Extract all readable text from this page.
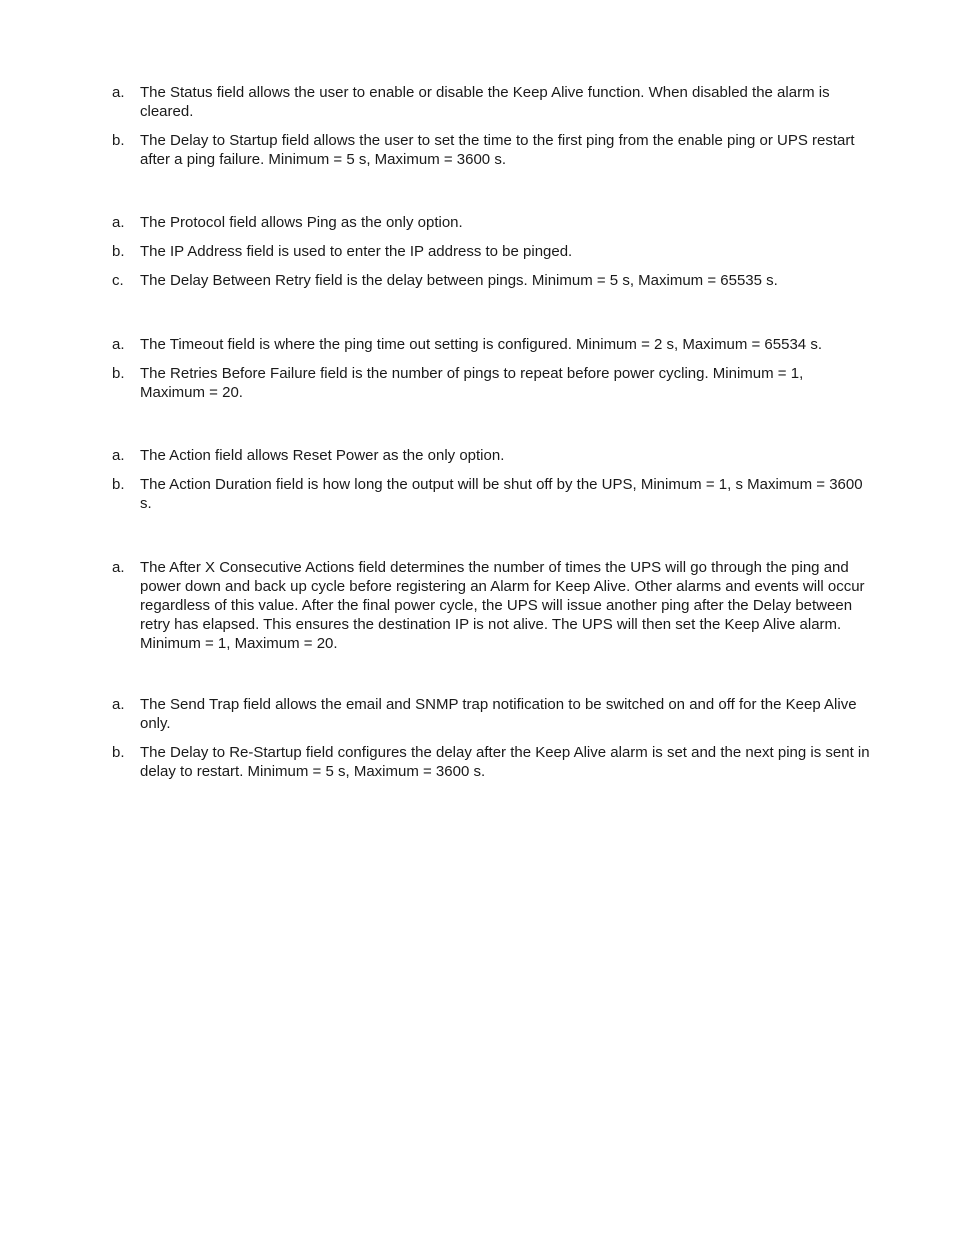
a.	The Status field allows the user to enable or disable the Keep Alive function. When disabled the alarm is cleared.
b.	The Delay to Startup field allows the user to set the time to the first ping from the enable ping or UPS restart after a ping failure. Minimum = 5 s, Maximum = 3600 s.
a.	The Protocol field allows Ping as the only option.
b.	The IP Address field is used to enter the IP address to be pinged.
c.	The Delay Between Retry field is the delay between pings. Minimum = 5 s, Maximum = 65535 s.
a.	The Timeout field is where the ping time out setting is configured. Minimum = 2 s, Maximum = 65534 s.
b.	The Retries Before Failure field is the number of pings to repeat before power cycling. Minimum = 1, Maximum = 20.
a.	The Action field allows Reset Power as the only option.
b.	The Action Duration field is how long the output will be shut off by the UPS, Minimum = 1, s Maximum = 3600 s.
a.	The After X Consecutive Actions field determines the number of times the UPS will go through the ping and power down and back up cycle before registering an Alarm for Keep Alive. Other alarms and events will occur regardless of this value. After the final power cycle, the UPS will issue another ping after the Delay between retry has elapsed. This ensures the destination IP is not alive. The UPS will then set the Keep Alive alarm. Minimum = 1, Maximum = 20.
a.	The Send Trap field allows the email and SNMP trap notification to be switched on and off for the Keep Alive only.
b.	The Delay to Re-Startup field configures the delay after the Keep Alive alarm is set and the next ping is sent in delay to restart. Minimum = 5 s, Maximum = 3600 s.
